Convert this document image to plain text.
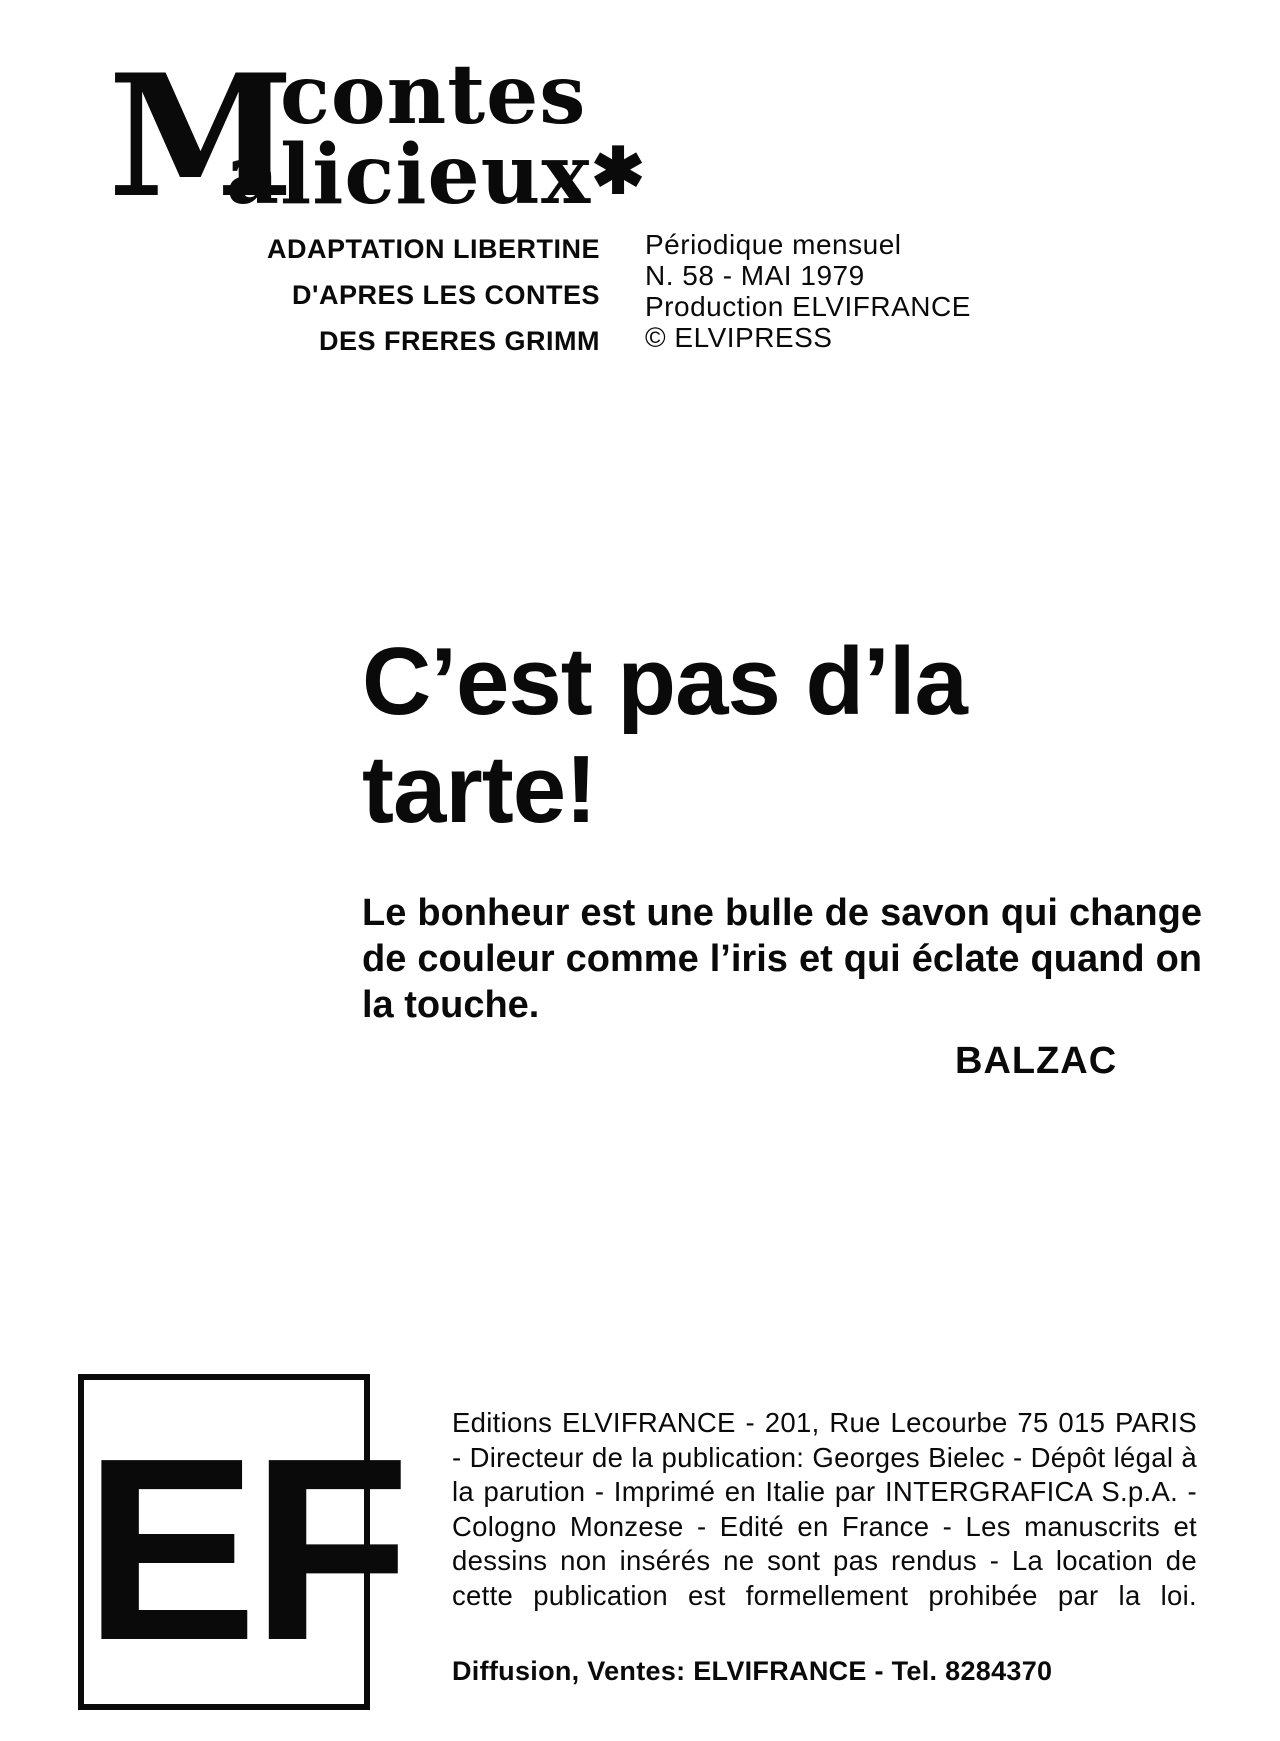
M
contes
alicieux✱
ADAPTATION LIBERTINE
D'APRES LES CONTES
DES FRERES GRIMM
Périodique mensuel
N. 58 - MAI 1979
Production ELVIFRANCE
© ELVIPRESS
C’est pas d’la
tarte!
Le bonheur est une bulle de savon qui change de couleur comme l’iris et qui éclate quand on la touche.
BALZAC
EF Editions ELVIFRANCE - 201, Rue Lecourbe 75 015 PARIS - Directeur de la publication: Georges Bielec - Dépôt légal à la parution - Imprimé en Italie par INTERGRAFICA S.p.A. - Cologno Monzese - Edité en France - Les manuscrits et dessins non insérés ne sont pas rendus - La location de cette publication est formellement prohibée par la loi.
Diffusion, Ventes: ELVIFRANCE - Tel. 8284370
